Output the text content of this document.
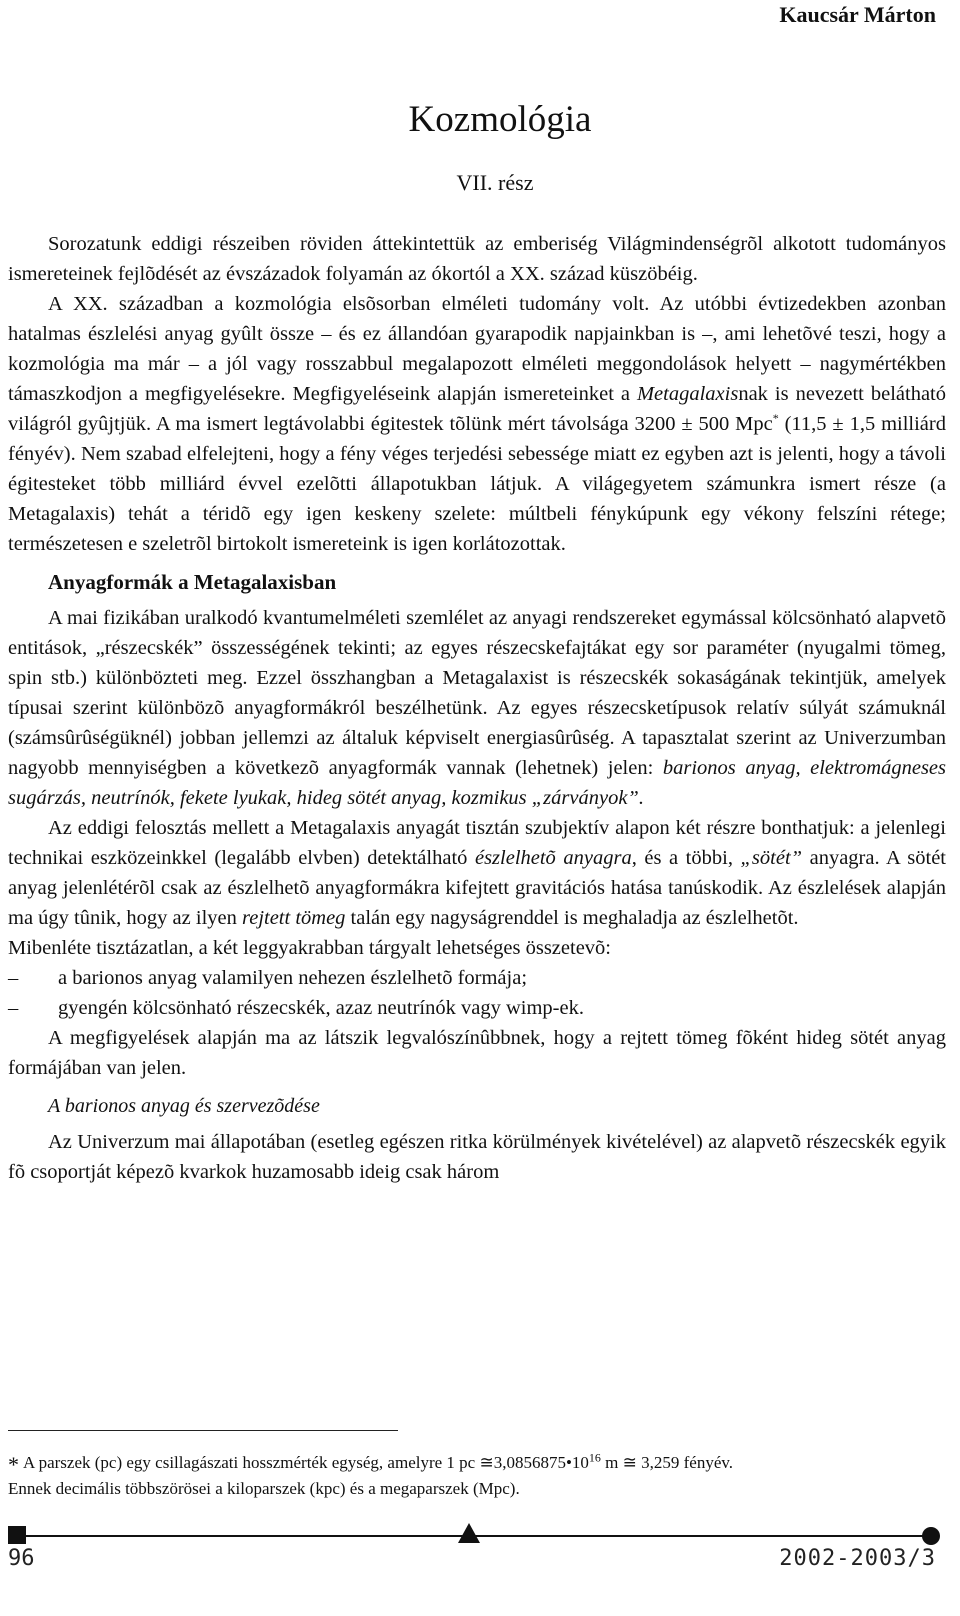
Kaucsár Márton
Kozmológia
VII. rész

Sorozatunk eddigi részeiben röviden áttekintettük az emberiség Világmindenségrõl alkotott tudományos ismereteinek fejlõdését az évszázadok folyamán az ókortól a XX. század küszöbéig.

A XX. században a kozmológia elsõsorban elméleti tudomány volt. Az utóbbi évtizedekben azonban hatalmas észlelési anyag gyûlt össze – és ez állandóan gyarapodik napjainkban is –, ami lehetõvé teszi, hogy a kozmológia ma már – a jól vagy rosszabbul megalapozott elméleti meggondolások helyett – nagymértékben támaszkodjon a megfigyelésekre. Megfigyeléseink alapján ismereteinket a Metagalaxisnak is nevezett belátható világról gyûjtjük. A ma ismert legtávolabbi égitestek tõlünk mért távolsága 3200 ± 500 Mpc* (11,5 ± 1,5 milliárd fényév). Nem szabad elfelejteni, hogy a fény véges terjedési sebessége miatt ez egyben azt is jelenti, hogy a távoli égitesteket több milliárd évvel ezelõtti állapotukban látjuk. A világegyetem számunkra ismert része (a Metagalaxis) tehát a téridõ egy igen keskeny szelete: múltbeli fénykúpunk egy vékony felszíni rétege; természetesen e szeletrõl birtokolt ismereteink is igen korlátozottak.

Anyagformák a Metagalaxisban

A mai fizikában uralkodó kvantumelméleti szemlélet az anyagi rendszereket egymással kölcsönható alapvetõ entitások, „részecskék” összességének tekinti; az egyes részecskefajtákat egy sor paraméter (nyugalmi tömeg, spin stb.) különbözteti meg. Ezzel összhangban a Metagalaxist is részecskék sokaságának tekintjük, amelyek típusai szerint különbözõ anyagformákról beszélhetünk. Az egyes részecsketípusok relatív súlyát számuknál (számsûrûségüknél) jobban jellemzi az általuk képviselt energiasûrûség. A tapasztalat szerint az Univerzumban nagyobb mennyiségben a következõ anyagformák vannak (lehetnek) jelen: barionos anyag, elektromágneses sugárzás, neutrínók, fekete lyukak, hideg sötét anyag, kozmikus „zárványok”.

Az eddigi felosztás mellett a Metagalaxis anyagát tisztán szubjektív alapon két részre bonthatjuk: a jelenlegi technikai eszközeinkkel (legalább elvben) detektálható észlelhetõ anyagra, és a többi, „sötét” anyagra. A sötét anyag jelenlétérõl csak az észlelhetõ anyagformákra kifejtett gravitációs hatása tanúskodik. Az észlelések alapján ma úgy tûnik, hogy az ilyen rejtett tömeg talán egy nagyságrenddel is meghaladja az észlelhetõt.

Mibenléte tisztázatlan, a két leggyakrabban tárgyalt lehetséges összetevõ:

– a barionos anyag valamilyen nehezen észlelhetõ formája;
– gyengén kölcsönható részecskék, azaz neutrínók vagy wimp-ek.

A megfigyelések alapján ma az látszik legvalószínûbbnek, hogy a rejtett tömeg fõként hideg sötét anyag formájában van jelen.

A barionos anyag és szervezõdése

Az Univerzum mai állapotában (esetleg egészen ritka körülmények kivételével) az alapvetõ részecskék egyik fõ csoportját képezõ kvarkok huzamosabb ideig csak három

* A parszek (pc) egy csillagászati hosszmérték egység, amelyre 1 pc $≅3,0856875•10^{16}$ m ≅ 3,259 fényév.
Ennek decimális többszörösei a kiloparszek (kpc) és a megaparszek (Mpc).
96	2002-2003/3
